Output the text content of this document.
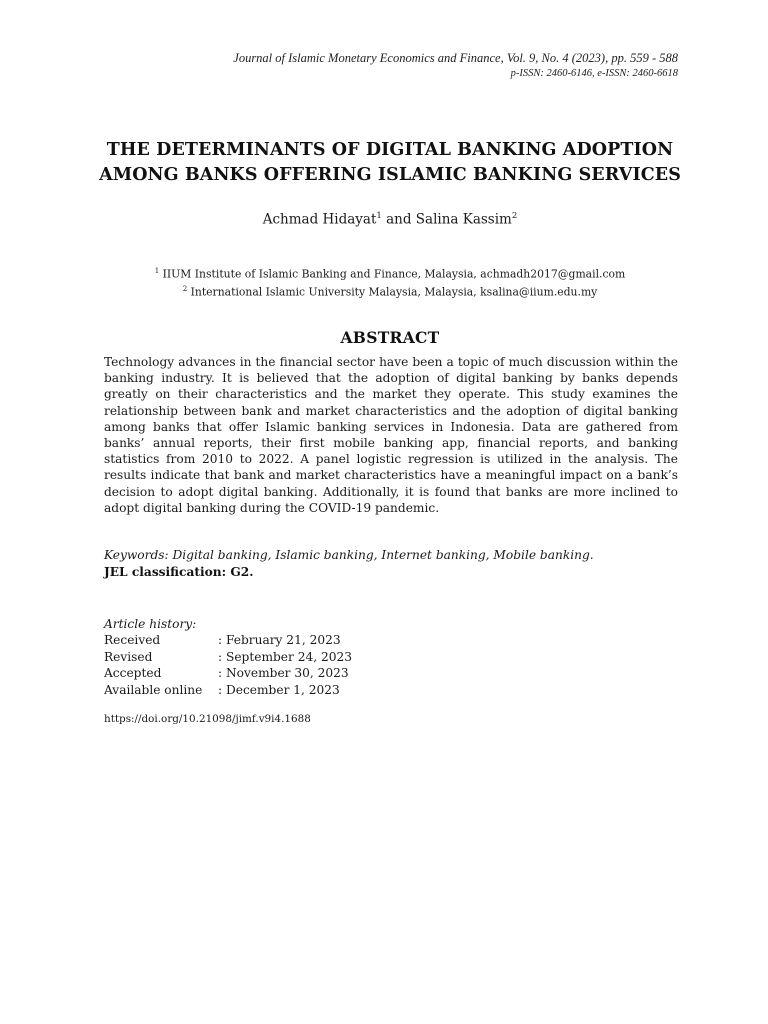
Journal of Islamic Monetary Economics and Finance, Vol. 9, No. 4 (2023), pp. 559 - 588
p-ISSN: 2460-6146, e-ISSN: 2460-6618
THE DETERMINANTS OF DIGITAL BANKING ADOPTION
AMONG BANKS OFFERING ISLAMIC BANKING SERVICES
Achmad Hidayat$^1$ and Salina Kassim$^2$
$^1$ IIUM Institute of Islamic Banking and Finance, Malaysia, achmadh2017@gmail.com
$^2$ International Islamic University Malaysia, Malaysia, ksalina@iium.edu.my
ABSTRACT
Technology advances in the financial sector have been a topic of much discussion within the banking industry. It is believed that the adoption of digital banking by banks depends greatly on their characteristics and the market they operate. This study examines the relationship between bank and market characteristics and the adoption of digital banking among banks that offer Islamic banking services in Indonesia. Data are gathered from banks’ annual reports, their first mobile banking app, financial reports, and banking statistics from 2010 to 2022. A panel logistic regression is utilized in the analysis. The results indicate that bank and market characteristics have a meaningful impact on a bank’s decision to adopt digital banking. Additionally, it is found that banks are more inclined to adopt digital banking during the COVID-19 pandemic.
Keywords: Digital banking, Islamic banking, Internet banking, Mobile banking.
JEL classification: G2.
Article history:
Received	: February 21, 2023
Revised	: September 24, 2023
Accepted	: November 30, 2023
Available online	: December 1, 2023
https://doi.org/10.21098/jimf.v9i4.1688
